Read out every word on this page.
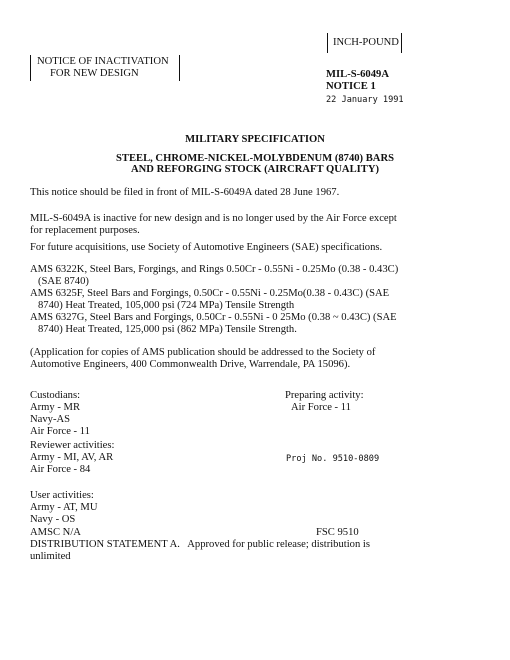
INCH-POUND
NOTICE OF INACTIVATION
FOR NEW DESIGN	MIL-S-6049A
NOTICE 1
22 January 1991
MILITARY SPECIFICATION
STEEL, CHROME-NICKEL-MOLYBDENUM (8740) BARS
AND REFORGING STOCK (AIRCRAFT QUALITY)
This notice should be filed in front of MIL-S-6049A dated 28 June 1967.
MIL-S-6049A is inactive for new design and is no longer used by the Air Force except
for replacement purposes.
For future acquisitions, use Society of Automotive Engineers (SAE) specifications.
AMS 6322K, Steel Bars, Forgings, and Rings 0.50Cr - 0.55Ni - 0.25Mo (0.38 - 0.43C)
(SAE 8740)
AMS 6325F, Steel Bars and Forgings, 0.50Cr - 0.55Ni - 0.25Mo(0.38 - 0.43C) (SAE
8740) Heat Treated, 105,000 psi (724 MPa) Tensile Strength
AMS 6327G, Steel Bars and Forgings, 0.50Cr - 0.55Ni - 0 25Mo (0.38 ~ 0.43C) (SAE
8740) Heat Treated, 125,000 psi (862 MPa) Tensile Strength.
(Application for copies of AMS publication should be addressed to the Society of
Automotive Engineers, 400 Commonwealth Drive, Warrendale, PA 15096).
Custodians:
Army - MR
Navy-AS
Air Force - 11
Preparing activity:
Air Force - 11
Reviewer activities:
Army - MI, AV, AR
Air Force - 84
Proj No. 9510-0809
User activities:
Army - AT, MU
Navy - OS
AMSC N/A	FSC 9510
DISTRIBUTION STATEMENT A.   Approved for public release; distribution is
unlimited
